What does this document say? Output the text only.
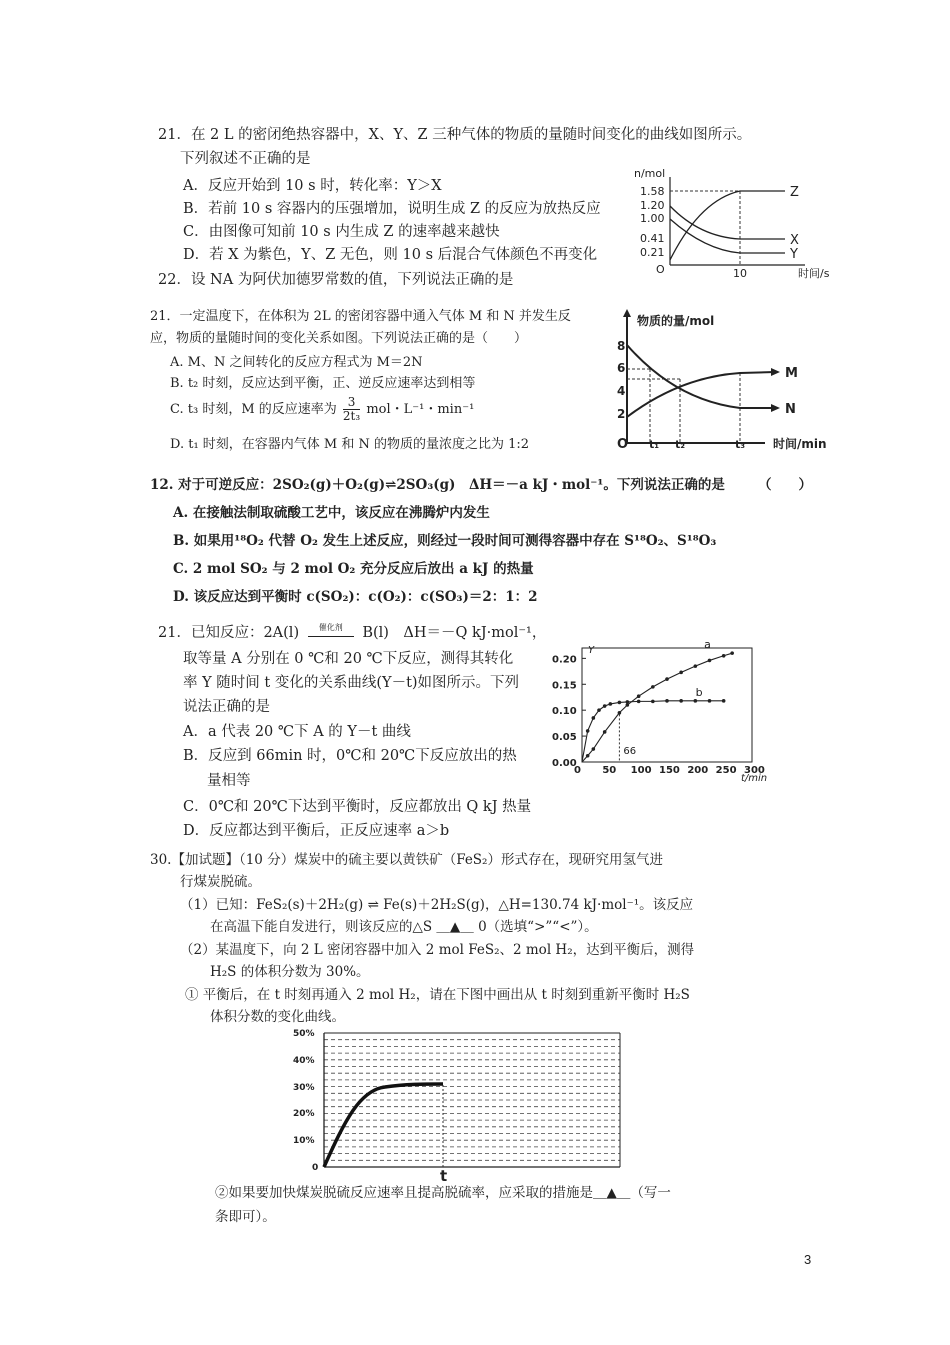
21．在 2 L 的密闭绝热容器中，X、Y、Z 三种气体的物质的量随时间变化的曲线如图所示。
下列叙述不正确的是
A．反应开始到 10 s 时，转化率：Y＞X
B．若前 10 s 容器内的压强增加，说明生成 Z 的反应为放热反应
C．由图像可知前 10 s 内生成 Z 的速率越来越快
D．若 X 为紫色，Y、Z 无色，则 10 s 后混合气体颜色不再变化
22．设 NA 为阿伏加德罗常数的值，下列说法正确的是
n/mol
1.58
1.20
1.00
0.41
0.21
O	10	时间/s
Z
X
Y
21．一定温度下，在体积为 2L 的密闭容器中通入气体 M 和 N 并发生反
应，物质的量随时间的变化关系如图。下列说法正确的是（　　）
A. M、N 之间转化的反应方程式为 M＝2N
B. t₂ 时刻，反应达到平衡，正、逆反应速率达到相等
C. t₃ 时刻，M 的反应速率为 $\frac{3}{\text{2t₃}}$ mol・L⁻¹・min⁻¹
D. t₁ 时刻，在容器内气体 M 和 N 的物质的量浓度之比为 1:2
物质的量/mol
8
6
4
2
O t₁ t₂	t₃ 时间/min
M
N
12. 对于可逆反应：2SO₂(g)＋O₂(g)⇌2SO₃(g)　ΔH＝－a kJ・mol⁻¹。下列说法正确的是 （　　）
A. 在接触法制取硫酸工艺中，该反应在沸腾炉内发生
B. 如果用¹⁸O₂ 代替 O₂ 发生上述反应，则经过一段时间可测得容器中存在 S¹⁸O₂、S¹⁸O₃
C. 2 mol SO₂ 与 2 mol O₂ 充分反应后放出 a kJ 的热量
D. 该反应达到平衡时 c(SO₂)：c(O₂)：c(SO₃)＝2：1：2
21．已知反应：2A(l)	催化剂	B(l)　ΔH＝－Q kJ·mol⁻¹，
取等量 A 分别在 0 ℃和 20 ℃下反应，测得其转化
率 Y 随时间 t 变化的关系曲线(Y－t)如图所示。下列
说法正确的是
A．a 代表 20 ℃下 A 的 Y－t 曲线
B．反应到 66min 时，0℃和 20℃下反应放出的热
量相等
C．0℃和 20℃下达到平衡时，反应都放出 Q kJ 热量
D．反应都达到平衡后，正反应速率 a＞b
Y
t/min
0 50 100 150 200 250 300
0.00
0.05
0.10
0.15
0.20
66
a
b
30.【加试题】（10 分）煤炭中的硫主要以黄铁矿（FeS₂）形式存在，现研究用氢气进
行煤炭脱硫。
（1）已知：FeS₂(s)＋2H₂(g) ⇌ Fe(s)＋2H₂S(g)，△H=130.74 kJ·mol⁻¹。该反应
在高温下能自发进行，则该反应的△S ＿▲＿ 0（选填“>”“<”）。
（2）某温度下，向 2 L 密闭容器中加入 2 mol FeS₂、2 mol H₂，达到平衡后，测得
H₂S 的体积分数为 30%。
① 平衡后，在 t 时刻再通入 2 mol H₂，请在下图中画出从 t 时刻到重新平衡时 H₂S
体积分数的变化曲线。
②如果要加快煤炭脱硫反应速率且提高脱硫率，应采取的措施是＿▲＿（写一
条即可）。
50%
40%
30%
20%
10%
0	t
3
